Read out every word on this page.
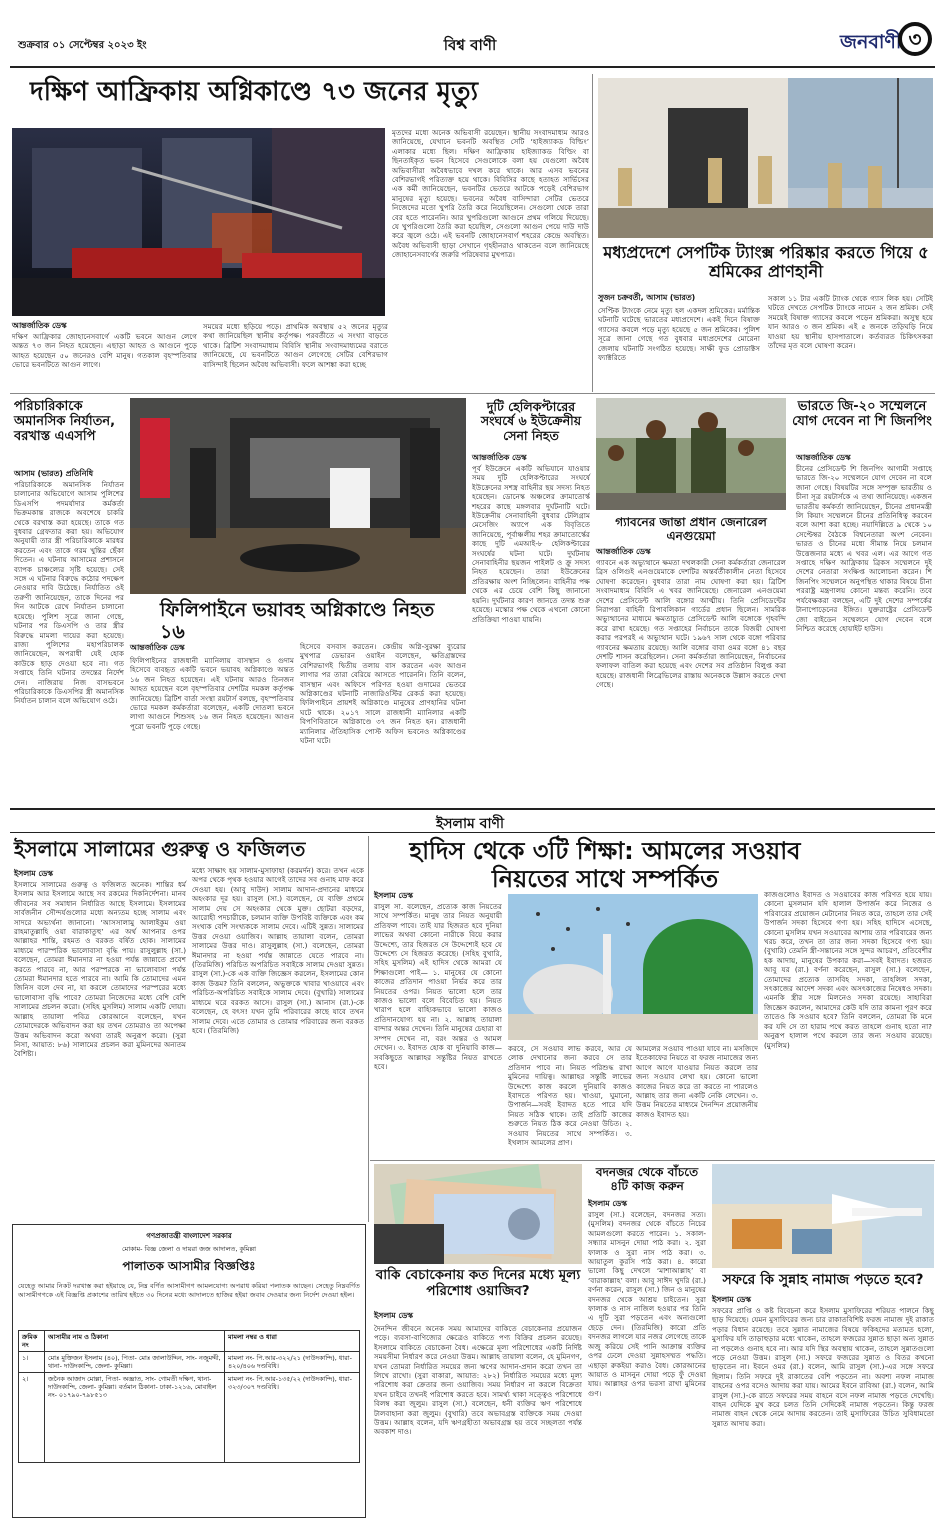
শুক্রবার ০১ সেপ্টেম্বর ২০২৩ ইং	বিশ্ব বাণী	জনবাণী ৩
দক্ষিণ আফ্রিকায় অগ্নিকাণ্ডে ৭৩ জনের মৃত্যু
আন্তর্জাতিক ডেস্ক
দক্ষিণ আফ্রিকার জোহানেসবার্গে একটি ভবনে আগুন লেগে অন্তত ৭৩ জন নিহত হয়েছেন। এছাড়া আহত ও আগুনে পুড়ে আহত হয়েছেন ৫০ জনেরও বেশি মানুষ। গতকাল বৃহস্পতিবার ভোরে ভবনটিতে আগুন লাগে।
সময়ের মধ্যে ছড়িয়ে পড়ে। প্রাথমিক অবস্থায় ৫২ জনের মৃত্যুর কথা জানিয়েছিল স্থানীয় কর্তৃপক্ষ। পরবর্তীতে এ সংখ্যা বাড়তে থাকে। ব্রিটিশ সংবাদমাধ্যম বিবিসি স্থানীয় সংবাদমাধ্যমের বরাতে জানিয়েছে, যে ভবনটিতে আগুন লেগেছে সেটির বেশিরভাগ বাসিন্দাই ছিলেন অবৈধ অভিবাসী। ফলে আশঙ্কা করা হচ্ছে
মৃতদের মধ্যে অনেক অভিবাসী রয়েছেন। স্থানীয় সংবাদমাধ্যম আরও জানিয়েছে, যেখানে ভবনটি অবস্থিত সেটি ‘হাইজ্যাকড বিল্ডিং’ এলাকার মধ্যে ছিল। দক্ষিণ আফ্রিকায় হাইজ্যাকড বিল্ডিং বা ছিনতাইকৃত ভবন হিসেবে সেগুলোকে বলা হয় যেগুলো অবৈধ অভিবাসীরা অবৈধভাবে দখল করে থাকে। আর এসব ভবনের বেশিরভাগই পরিত্যক্ত হয়ে থাকে। বিবিসির কাছে হতাহত সার্ভিসের এক কর্মী জানিয়েছেন, ভবনটির ভেতরে আটকে পড়েই বেশিরভাগ মানুষের মৃত্যু হয়েছে। ভবনের অবৈধ বাসিন্দারা সেটির ভেতরে নিজেদের মতো খুপরি তৈরি করে নিয়েছিলেন। সেগুলো থেকে তারা বের হতে পারেননি। আর খুপরিগুলো আগুনে প্রথম গলিয়ে দিয়েছে। যে খুপরিগুলো তৈরি করা হয়েছিল, সেগুলো আগুন পেয়ে দাউ দাউ করে জ্বলে ওঠে। এই ভবনটি জোহানেসবার্গ শহরের কেন্দ্রে অবস্থিত। অবৈধ অভিবাসী ছাড়া সেখানে গৃহহীনরাও থাকতেন বলে জানিয়েছে জোহানেসবার্গের জরুরি পরিষেবার মুখপাত্র।	মধ্যপ্রদেশে সেপটিক ট্যাংক্স পরিষ্কার করতে গিয়ে ৫ শ্রমিকের প্রাণহানী
সুজন চক্রবর্তী, আসাম (ভারত)
সেপ্টিক ট্যাংকে নেমে মৃত্যু হল একদল শ্রমিকের। মর্মান্তিক ঘটনাটি ঘটেছে ভারতের মধ্যপ্রদেশে। একই দিনে বিষাক্ত গ্যাসের কবলে পড়ে মৃত্যু হয়েছে ৫ জন শ্রমিকের। পুলিশ সূত্রে জানা গেছে গত বুধবার মধ্যপ্রদেশের মোরেনা জেলায় ঘটনাটি সংগঠিত হয়েছে। সাক্ষী ফুড প্রোডাক্টস ফ্যাক্টরিতে
সকাল ১১ টার একটি ট্যাংক থেকে গ্যাস লিক হয়। সেটিই ঘটতে দেখতে সেপটিক ট্যাংকে নামেন ২ জন শ্রমিক। সেই সময়েই বিষাক্ত গ্যাসের কবলে পড়েন শ্রমিকরা। অসুস্থ হয়ে যান আরও ৩ জন শ্রমিক। এই ৫ জনকে তড়িঘড়ি নিয়ে যাওয়া হয় স্থানীয় হাসপাতালে। কর্তব্যরত চিকিৎসকরা তাঁদের মৃত বলে ঘোষণা করেন।
পরিচারিকাকে অমানসিক নির্যাতন, বরখাস্ত এএসপি
আসাম (ভারত) প্রতিনিধি
পরিচারিকাকে অমানসিক নির্যাতন চালানোর অভিযোগে আসাম পুলিশের ডিএসপি পদমর্যাদার কর্মকর্তা ভিক্রমকান্ত রাজকে অবশেষে চাকরি থেকে বরখাস্ত করা হয়েছে। তাকে গত বুধবার গ্রেফতার করা হয়। অভিযোগ অনুযায়ী তার স্ত্রী পরিচারিকাকে মারধর করতেন এবং তাকে গরম খুন্তির ছেঁকা দিতেন। এ ঘটনায় আসামের প্রশাসনে ব্যাপক চাঞ্চল্যের সৃষ্টি হয়েছে। সেই সঙ্গে এ ঘটনার বিরুদ্ধে কঠোর পদক্ষেপ নেওয়ার দাবি উঠেছে। নির্যাতিত ওই তরুণী জানিয়েছেন, তাকে দিনের পর দিন আটকে রেখে নির্যাতন চালানো হয়েছে। পুলিশ সূত্রে জানা গেছে, ঘটনার পর ডিএসপি ও তার স্ত্রীর বিরুদ্ধে মামলা দায়ের করা হয়েছে। রাজ্য পুলিশের মহাপরিচালক জানিয়েছেন, অপরাধী যেই হোক কাউকে ছাড় দেওয়া হবে না। গত সপ্তাহে তিনি ঘটনার তদন্তের নির্দেশ দেন। নাজিরায় নিজ বাসভবনে পরিচারিকাকে ডিএসপির স্ত্রী অমানসিক নির্যাতন চালান বলে অভিযোগ ওঠে।
ফিলিপাইনে ভয়াবহ অগ্নিকাণ্ডে নিহত ১৬
আন্তর্জাতিক ডেস্ক
ফিলিপাইনের রাজধানী ম্যানিলায় বাসস্থান ও গুদাম হিসেবে ব্যবহৃত একটি ভবনে ভয়াবহ অগ্নিকাণ্ডে অন্তত ১৬ জন নিহত হয়েছেন। এই ঘটনায় আরও তিনজন আহত হয়েছেন বলে বৃহস্পতিবার দেশটির দমকল কর্তৃপক্ষ জানিয়েছে। ব্রিটিশ বার্তা সংস্থা রয়টার্স বলছে, বৃহস্পতিবার ভোরে দমকল কর্মকর্তারা বলেছেন, একটি দোতলা ভবনে লাগা আগুনে শিশুসহ ১৬ জন নিহত হয়েছেন। আগুন পুরো ভবনটি পুড়ে গেছে।
হিসেবে বসবাস করতেন। কেন্দ্রীয় অগ্নি-সুরক্ষা ব্যুরোর মুখপাত্র ডেভারন ওয়াইন বলেছেন, ক্ষতিগ্রস্তদের বেশিরভাগই দ্বিতীয় তলায় বাস করতেন এবং আগুন লাগার পর তারা বেরিয়ে আসতে পারেননি। তিনি বলেন, বাসস্থান এবং অফিসে পরিণত হওয়া গুদামের ভেতরে অগ্নিকাণ্ডের ঘটনাটি নাজারিওস্টির রেকর্ড করা হয়েছে। ফিলিপাইনে প্রায়শই অগ্নিকাণ্ডে মানুষের প্রাণহানির ঘটনা ঘটে থাকে। ২০১৭ সালে রাজধানী ম্যানিলার একটি বিপণিবিতানে অগ্নিকাণ্ডে ৩৭ জন নিহত হন। রাজধানী ম্যানিলার ঐতিহাসিক পোস্ট অফিস ভবনেও অগ্নিকাণ্ডের ঘটনা ঘটে।
দুটি হেলিকপ্টারের সংঘর্ষে ৬ ইউক্রেনীয় সেনা নিহত
আন্তর্জাতিক ডেস্ক
পূর্ব ইউক্রেনে একটি অভিযানে যাওয়ার সময় দুটি হেলিকপ্টারের সংঘর্ষে ইউক্রেনের সশস্ত্র বাহিনীর ছয় সদস্য নিহত হয়েছেন। ডোনেস্ক অঞ্চলের ক্রামাতোর্স্ক শহরের কাছে মঙ্গলবার দুর্ঘটনাটি ঘটে। ইউক্রেনীয় সেনাবাহিনী বুধবার টেলিগ্রাম মেসেজিং অ্যাপে এক বিবৃতিতে জানিয়েছে, পূর্বাঞ্চলীয় শহর ক্রামাতোর্স্কের কাছে দুটি এমআই-৮ হেলিকপ্টারের সংঘর্ষের ঘটনা ঘটে। দুর্ঘটনায় সেনাবাহিনীর ছয়জন পাইলট ও ক্রু সদস্য নিহত হয়েছেন। তারা ইউক্রেনের প্রতিরক্ষায় অংশ নিচ্ছিলেন। বাহিনীর পক্ষ থেকে এর চেয়ে বেশি কিছু জানানো হয়নি। দুর্ঘটনার কারণ জানতে তদন্ত শুরু হয়েছে। মস্কোর পক্ষ থেকে এখনো কোনো প্রতিক্রিয়া পাওয়া যায়নি।
গ্যাবনের জান্তা প্রধান জেনারেল এনগুয়েমা
আন্তর্জাতিক ডেস্ক
গ্যাবনে এক অভ্যুত্থানে ক্ষমতা দখলকারী সেনা কর্মকর্তারা জেনারেল ব্রিস ওলিগুই এনগুয়েমাকে দেশটির অন্তর্বর্তীকালীন নেতা হিসেবে ঘোষণা করেছেন। বুধবার তারা নাম ঘোষণা করা হয়। ব্রিটিশ সংবাদমাধ্যম বিবিসি এ খবর জানিয়েছে। জেনারেল এনগুয়েমা দেশের প্রেসিডেন্ট আলি বঙ্গোর আত্মীয়। তিনি প্রেসিডেন্টের নিরাপত্তা বাহিনী রিপাবলিকান গার্ডের প্রধান ছিলেন। সামরিক অভ্যুত্থানের মাধ্যমে ক্ষমতাচ্যুত প্রেসিডেন্ট আলি বঙ্গোকে গৃহবন্দি করে রাখা হয়েছে। গত সপ্তাহের নির্বাচনে তাকে বিজয়ী ঘোষণা করার পরপরই এ অভ্যুত্থান ঘটে। ১৯৬৭ সাল থেকে বঙ্গো পরিবার গ্যাবনের ক্ষমতায় রয়েছে। আলি বঙ্গোর বাবা ওমর বঙ্গো ৪১ বছর দেশটি শাসন করেছিলেন। সেনা কর্মকর্তারা জানিয়েছেন, নির্বাচনের ফলাফল বাতিল করা হয়েছে এবং দেশের সব প্রতিষ্ঠান বিলুপ্ত করা হয়েছে। রাজধানী লিব্রেভিলের রাস্তায় অনেককে উল্লাস করতে দেখা গেছে।
ভারতে জি-২০ সম্মেলনে যোগ দেবেন না শি জিনপিং
আন্তর্জাতিক ডেস্ক
চীনের প্রেসিডেন্ট শি জিনপিং আগামী সপ্তাহে ভারতে জি-২০ সম্মেলনে যোগ দেবেন না বলে জানা গেছে। বিষয়টির সঙ্গে সম্পৃক্ত ভারতীয় ও চীনা সূত্র রয়টার্সকে এ তথ্য জানিয়েছে। একজন ভারতীয় কর্মকর্তা জানিয়েছেন, চীনের প্রধানমন্ত্রী লি কিয়াং সম্মেলনে চীনের প্রতিনিধিত্ব করবেন বলে আশা করা হচ্ছে। নয়াদিল্লিতে ৯ থেকে ১০ সেপ্টেম্বর বৈঠকে বিশ্বনেতারা অংশ নেবেন। ভারত ও চীনের মধ্যে সীমান্ত নিয়ে চলমান উত্তেজনার মধ্যে এ খবর এল। এর আগে গত সপ্তাহে দক্ষিণ আফ্রিকায় ব্রিকস সম্মেলনে দুই দেশের নেতারা সংক্ষিপ্ত আলোচনা করেন। শি জিনপিং সম্মেলনে অনুপস্থিত থাকার বিষয়ে চীনা পররাষ্ট্র মন্ত্রণালয় কোনো মন্তব্য করেনি। তবে পর্যবেক্ষকরা বলছেন, এটি দুই দেশের সম্পর্কের টানাপোড়েনের ইঙ্গিত। যুক্তরাষ্ট্রের প্রেসিডেন্ট জো বাইডেন সম্মেলনে যোগ দেবেন বলে নিশ্চিত করেছে হোয়াইট হাউস।
ইসলাম বাণী
ইসলামে সালামের গুরুত্ব ও ফজিলত
ইসলাম ডেস্ক
ইসলামে সালামের গুরুত্ব ও ফজিলত অনেক। শান্তির ধর্ম ইসলাম আর ইসলামে আছে সব রকমের দিকনির্দেশনা। মানব জীবনের সব সমাধান নির্ধারিত আছে ইসলামে। ইসলামের সার্বজনীন সৌন্দর্যগুলোর মধ্যে অন্যতম হচ্ছে সালাম এবং সাদরে অভ্যর্থনা জানানো। ‘আসসালামু আলাইকুম ওয়া রাহমাতুল্লাহি ওয়া বারাকাতুহু’ এর অর্থ আপনার ওপর আল্লাহর শান্তি, রহমত ও বরকত বর্ষিত হোক। সালামের মাধ্যমে পারস্পরিক ভালোবাসা বৃদ্ধি পায়। রাসুলুল্লাহ (সা.) বলেছেন, তোমরা ঈমানদার না হওয়া পর্যন্ত জান্নাতে প্রবেশ করতে পারবে না, আর পরস্পরকে না ভালোবাসা পর্যন্ত তোমরা ঈমানদার হতে পারবে না। আমি কি তোমাদের এমন জিনিস বলে দেব না, যা করলে তোমাদের পরস্পরের মধ্যে ভালোবাসা বৃদ্ধি পাবে? তোমরা নিজেদের মধ্যে বেশি বেশি সালামের প্রচলন করো। (সহিহ মুসলিম) সালাম একটি দোয়া। আল্লাহ তায়ালা পবিত্র কোরআনে বলেছেন, যখন তোমাদেরকে অভিবাদন করা হয় তখন তোমরাও তা অপেক্ষা উত্তম অভিবাদন করো অথবা তারই অনুরূপ করো। (সুরা নিসা, আয়াত: ৮৬) সালামের প্রচলন করা মুমিনদের অন্যতম বৈশিষ্ট্য।
মধ্যে সাক্ষাৎ হয় সালাম-মুসাফাহা (করমর্দন) করে। তখন একে অপর থেকে পৃথক হওয়ার আগেই তাদের সব গুনাহ মাফ করে দেওয়া হয়। (আবু দাউদ) সালাম আদান-প্রদানের মাধ্যমে অহংকার দূর হয়। রাসুল (সা.) বলেছেন, যে ব্যক্তি প্রথমে সালাম দেয় সে অহংকার থেকে মুক্ত। ছোটরা বড়দের, আরোহী পদচারীকে, চলমান ব্যক্তি উপবিষ্ট ব্যক্তিকে এবং কম সংখ্যক বেশি সংখ্যককে সালাম দেবে। এটিই সুন্নত। সালামের উত্তর দেওয়া ওয়াজিব। আল্লাহ তায়ালা বলেন, তোমরা সালামের উত্তর দাও। রাসুলুল্লাহ (সা.) বলেছেন, তোমরা ঈমানদার না হওয়া পর্যন্ত জান্নাতে যেতে পারবে না। (তিরমিজি) পরিচিত অপরিচিত সবাইকে সালাম দেওয়া সুন্নত। রাসুল (সা.)-কে এক ব্যক্তি জিজ্ঞেস করলেন, ইসলামের কোন কাজ উত্তম? তিনি বললেন, অভুক্তকে খাবার খাওয়াবে এবং পরিচিত-অপরিচিত সবাইকে সালাম দেবে। (বুখারি) সালামের মাধ্যমে ঘরে বরকত আসে। রাসুল (সা.) আনাস (রা.)-কে বলেছেন, হে বৎস! যখন তুমি পরিবারের কাছে যাবে তখন সালাম দেবে। এতে তোমার ও তোমার পরিবারের জন্য বরকত হবে। (তিরমিজি)
হাদিস থেকে ৩টি শিক্ষা: আমলের সওয়াব নিয়তের সাথে সম্পর্কিত
ইসলাম ডেস্ক
রাসুল সা. বলেছেন, প্রত্যেক কাজ নিয়তের সাথে সম্পর্কিত। মানুষ তার নিয়ত অনুযায়ী প্রতিফল পাবে। তাই যার হিজরত হবে দুনিয়া লাভের অথবা কোনো নারীকে বিয়ে করার উদ্দেশ্যে, তার হিজরত সে উদ্দেশ্যেই হবে যে উদ্দেশ্যে সে হিজরত করেছে। (সহিহ বুখারি, সহিহ মুসলিম) এই হাদিস থেকে আমরা যে শিক্ষাগুলো পাই— ১. মানুষের যে কোনো কাজের প্রতিদান পাওয়া নির্ভর করে তার নিয়তের ওপর। নিয়ত ভালো হলে তার কাজও ভালো বলে বিবেচিত হয়। নিয়ত খারাপ হলে বাহ্যিকভাবে ভালো কাজও প্রতিদানযোগ্য হয় না। ২. আল্লাহ তায়ালা বান্দার অন্তর দেখেন। তিনি মানুষের চেহারা বা সম্পদ দেখেন না, বরং অন্তর ও আমল দেখেন। ৩. ইবাদত হোক বা দুনিয়াবি কাজ—সবকিছুতে আল্লাহর সন্তুষ্টির নিয়ত রাখতে হবে।
করবে, সে সওয়াব লাভ করবে, আর যে লোক দেখানোর জন্য করবে সে তার প্রতিদান পাবে না। নিয়ত পরিশুদ্ধ রাখা মুমিনের দায়িত্ব। আল্লাহর সন্তুষ্টি লাভের উদ্দেশ্যে কাজ করলে দুনিয়াবি কাজও ইবাদতে পরিণত হয়। খাওয়া, ঘুমানো, উপার্জন—সবই ইবাদত হতে পারে যদি নিয়ত সঠিক থাকে। তাই প্রতিটি কাজের শুরুতে নিয়ত ঠিক করে নেওয়া উচিত। ২. সওয়াব নিয়তের সাথে সম্পর্কিত। ৩. ইখলাস আমলের প্রাণ।
আমলের সওয়াব পাওয়া যাবে না। মসজিদে ইতেকাফের নিয়তে বা ফরজ নামাজের জন্য আগে আগে যাওয়ার নিয়ত করলে তার জন্য সওয়াব লেখা হয়। কোনো ভালো কাজের নিয়ত করে তা করতে না পারলেও আল্লাহ তার জন্য একটি নেকি লেখেন। ৩. উত্তম নিয়তের মাধ্যমে দৈনন্দিন প্রয়োজনীয় কাজও ইবাদত হয়।
কাজগুলোও ইবাদত ও সওয়াবের কাজ পরিণত হয়ে যায়। কোনো মুসলমান যদি হালাল উপার্জন করে নিজের ও পরিবারের প্রয়োজন মেটানোর নিয়ত করে, তাহলে তার সেই উপার্জন সদকা হিসেবে গণ্য হয়। সহিহ হাদিসে এসেছে, কোনো মুসলিম যখন সওয়াবের আশায় তার পরিবারের জন্য খরচ করে, তখন তা তার জন্য সদকা হিসেবে গণ্য হয়। (বুখারি) তেমনি স্ত্রী-সন্তানের সঙ্গে সুন্দর আচরণ, প্রতিবেশীর হক আদায়, মানুষের উপকার করা—সবই ইবাদত। হজরত আবু যর (রা.) বর্ণনা করেছেন, রাসুল (সা.) বলেছেন, তোমাদের প্রত্যেক তাসবিহ সদকা, তাহলিল সদকা, সৎকাজের আদেশ সদকা এবং অসৎকাজের নিষেধও সদকা। এমনকি স্ত্রীর সঙ্গে মিলনেও সদকা রয়েছে। সাহাবিরা জিজ্ঞেস করলেন, আমাদের কেউ যদি তার কামনা পূরণ করে তাতেও কি সওয়াব হবে? তিনি বললেন, তোমরা কি মনে কর যদি সে তা হারাম পথে করত তাহলে গুনাহ হতো না? অনুরূপ হালাল পথে করলে তার জন্য সওয়াব রয়েছে। (মুসলিম)
বাকি বেচাকেনায় কত দিনের মধ্যে মূল্য পরিশোধ ওয়াজিব?
ইসলাম ডেস্ক
দৈনন্দিন জীবনে অনেক সময় আমাদের বাকিতে বেচাকেনার প্রয়োজন পড়ে। ব্যবসা-বাণিজ্যের ক্ষেত্রেও বাকিতে পণ্য বিক্রির প্রচলন রয়েছে। ইসলামে বাকিতে বেচাকেনা বৈধ। এক্ষেত্রে মূল্য পরিশোধের একটি নির্দিষ্ট সময়সীমা নির্ধারণ করে নেওয়া উত্তম। আল্লাহ তায়ালা বলেন, হে মুমিনগণ, যখন তোমরা নির্ধারিত সময়ের জন্য ঋণের আদান-প্রদান করো তখন তা লিখে রাখো। (সুরা বাকারা, আয়াত: ২৮২) নির্ধারিত সময়ের মধ্যে মূল্য পরিশোধ করা ক্রেতার জন্য ওয়াজিব। সময় নির্ধারণ না করলে বিক্রেতা যখন চাইবে তখনই পরিশোধ করতে হবে। সামর্থ্য থাকা সত্ত্বেও পরিশোধে বিলম্ব করা জুলুম। রাসুল (সা.) বলেছেন, ধনী ব্যক্তির ঋণ পরিশোধে টালবাহানা করা জুলুম। (বুখারি) তবে অভাবগ্রস্ত ব্যক্তিকে সময় দেওয়া উত্তম। আল্লাহ বলেন, যদি ঋণগ্রহীতা অভাবগ্রস্ত হয় তবে সচ্ছলতা পর্যন্ত অবকাশ দাও।
বদনজর থেকে বাঁচতে ৪টি কাজ করুন
ইসলাম ডেস্ক
রাসুল (সা.) বলেছেন, বদনজর সত্য। (মুসলিম) বদনজর থেকে বাঁচতে নিচের আমলগুলো করতে পারেন। ১. সকাল-সন্ধ্যার মাসনুন দোয়া পাঠ করা। ২. সুরা ফালাক ও সুরা নাস পাঠ করা। ৩. আয়াতুল কুরসি পাঠ করা। ৪. কারো ভালো কিছু দেখলে ‘মাশাআল্লাহ’ বা ‘বারাকাল্লাহ’ বলা। আবু সাঈদ খুদরি (রা.) বর্ণনা করেন, রাসুল (সা.) জিন ও মানুষের বদনজর থেকে আশ্রয় চাইতেন। সুরা ফালাক ও নাস নাজিল হওয়ার পর তিনি এ দুটি সুরা পড়তেন এবং অন্যগুলো ছেড়ে দেন। (তিরমিজি) কারো প্রতি বদনজর লাগলে যার নজর লেগেছে তাকে অজু করিয়ে সেই পানি আক্রান্ত ব্যক্তির ওপর ঢেলে দেওয়া সুন্নাহসম্মত পদ্ধতি। এছাড়া রুকইয়া করাও বৈধ। কোরআনের আয়াত ও মাসনুন দোয়া পড়ে ফুঁ দেওয়া যায়। আল্লাহর ওপর ভরসা রাখা মুমিনের গুণ।
সফরে কি সুন্নাহ নামাজ পড়তে হবে?
ইসলাম ডেস্ক
সফরের প্রাপ্তি ও কষ্ট বিবেচনা করে ইসলাম মুসাফিরের শরিয়ত পালনে কিছু ছাড় দিয়েছে। যেমন মুসাফিরের জন্য চার রাকাতবিশিষ্ট ফরজ নামাজ দুই রাকাত পড়ার বিধান রয়েছে। তবে সুন্নাত নামাজের বিষয়ে ফকিহদের মতামত হলো, মুসাফির যদি তাড়াহুড়ার মধ্যে থাকেন, তাহলে ফজরের সুন্নাত ছাড়া অন্য সুন্নাত না পড়লেও গুনাহ হবে না। আর যদি স্থির অবস্থায় থাকেন, তাহলে সুন্নাতগুলো পড়ে নেওয়া উত্তম। রাসুল (সা.) সফরে ফজরের সুন্নাত ও বিতর কখনো ছাড়তেন না। ইবনে ওমর (রা.) বলেন, আমি রাসুল (সা.)-এর সঙ্গে সফরে ছিলাম। তিনি সফরে দুই রাকাতের বেশি পড়তেন না। অবশ্য নফল নামাজ বাহনের ওপর বসেও আদায় করা যায়। আমের ইবনে রাবিআ (রা.) বলেন, আমি রাসুল (সা.)-কে রাতে সফরের সময় বাহনে বসে নফল নামাজ পড়তে দেখেছি। বাহন যেদিকে মুখ করে চলত তিনি সেদিকেই নামাজ পড়তেন। কিন্তু ফরজ নামাজ বাহন থেকে নেমে আদায় করতেন। তাই মুসাফিরের উচিত সুবিধামতো সুন্নাত আদায় করা।
গণপ্রজাতন্ত্রী বাংলাদেশ সরকার
মোকাম- বিজ্ঞ জেলা ও দায়রা জজ আদালত, কুমিল্লা
পালাতক আসামীর বিজ্ঞপ্তিঃ
যেহেতু আমার নিকট দরখাস্ত করা হইয়াছে যে, নিম্ন বর্ণিত আসামীগণ আমলযোগ্য অপরাধ করিয়া পলাতক আছেন। সেহেতু নিম্নবর্ণিত আসামীগণকে এই বিজ্ঞপ্তি প্রকাশের তারিখ হইতে ৩০ দিনের মধ্যে আদালতে হাজির হইয়া জবাব দেওয়ার জন্য নির্দেশ দেওয়া হইল।
ক্রমিক নং	আসামীর নাম ও ঠিকানা	মামলা নম্বর ও ধারা
১।	মোঃ মুক্তিজন ইসলাম (৪০), পিতা- মোঃ জালাউদ্দিন, সাং- নজুমদ্দী, থানা- দাউদকান্দি, জেলা- কুমিল্লা।	মামলা নং- পি.আর-৩২২/২১ (দাউদকান্দি), ধারা- ৪২০/৪০৬ দণ্ডবিধি।
২।	জনৈক আজাদ মোল্লা, পিতা- অজ্ঞাত, সাং- গোমতী দক্ষিণ, থানা- দাউদকান্দি, জেলা- কুমিল্লা। বর্তমান ঠিকানা- ঢাকা-১২১৬, মোবাইল নং- ০১৭৯০-৭৯৮৫১৩	মামলা নং- পি.আর-১৩৫/২২ (দাউদকান্দি), ধারা- ৩২৩/৩০৭ দণ্ডবিধি।
